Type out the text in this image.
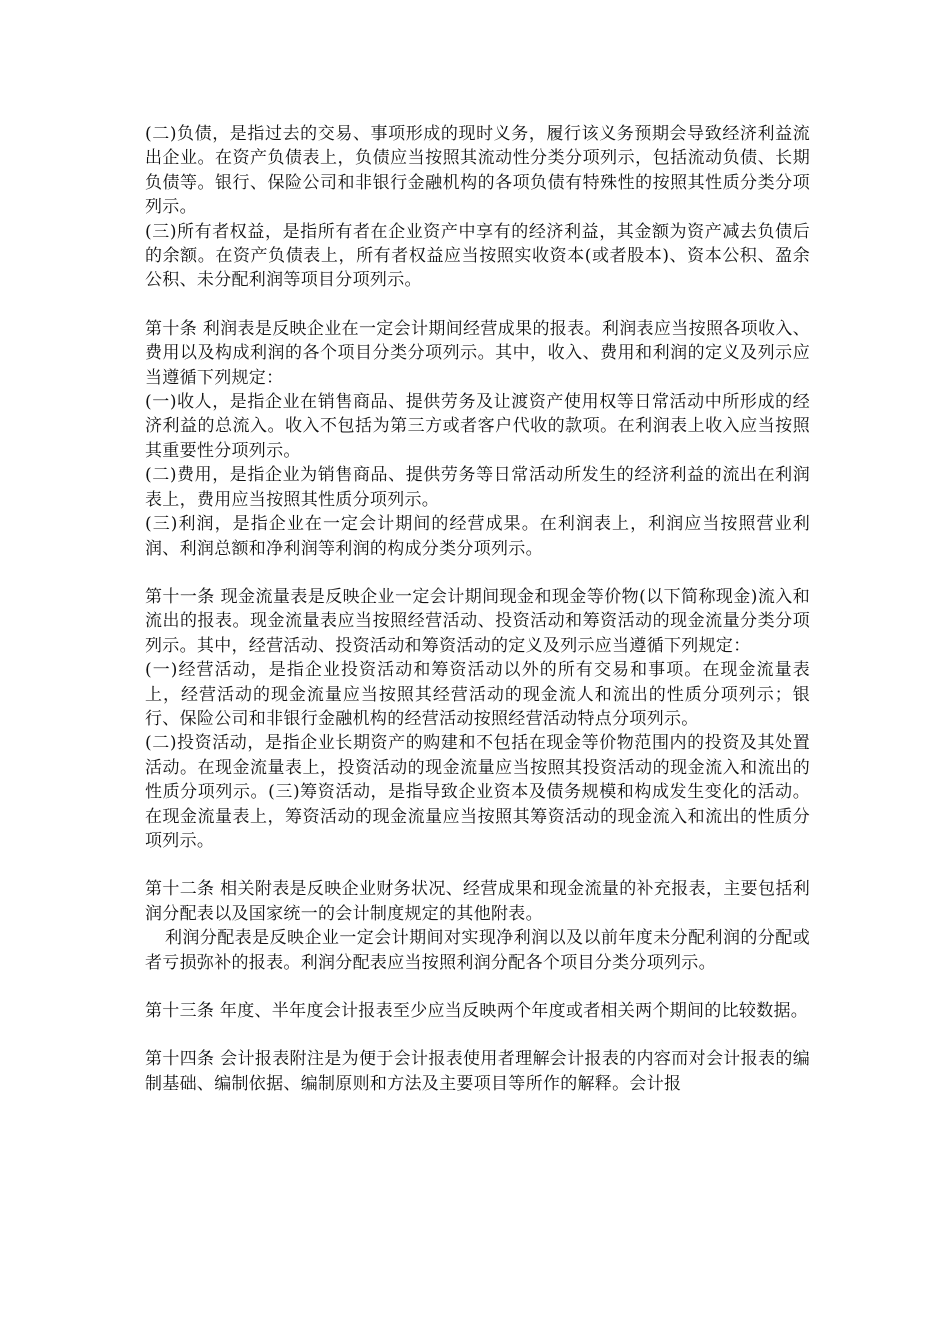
(二)负债，是指过去的交易、事项形成的现时义务，履行该义务预期会导致经济利益流出企业。在资产负债表上，负债应当按照其流动性分类分项列示，包括流动负债、长期负债等。银行、保险公司和非银行金融机构的各项负债有特殊性的按照其性质分类分项列示。

(三)所有者权益，是指所有者在企业资产中享有的经济利益，其金额为资产减去负债后的余额。在资产负债表上，所有者权益应当按照实收资本(或者股本)、资本公积、盈余公积、未分配利润等项目分项列示。

第十条 利润表是反映企业在一定会计期间经营成果的报表。利润表应当按照各项收入、费用以及构成利润的各个项目分类分项列示。其中，收入、费用和利润的定义及列示应当遵循下列规定：

(一)收人，是指企业在销售商品、提供劳务及让渡资产使用权等日常活动中所形成的经济利益的总流入。收入不包括为第三方或者客户代收的款项。在利润表上收入应当按照其重要性分项列示。

(二)费用，是指企业为销售商品、提供劳务等日常活动所发生的经济利益的流出在利润表上，费用应当按照其性质分项列示。

(三)利润，是指企业在一定会计期间的经营成果。在利润表上，利润应当按照营业利润、利润总额和净利润等利润的构成分类分项列示。

第十一条 现金流量表是反映企业一定会计期间现金和现金等价物(以下简称现金)流入和流出的报表。现金流量表应当按照经营活动、投资活动和筹资活动的现金流量分类分项列示。其中，经营活动、投资活动和筹资活动的定义及列示应当遵循下列规定：

(一)经营活动，是指企业投资活动和筹资活动以外的所有交易和事项。在现金流量表上，经营活动的现金流量应当按照其经营活动的现金流人和流出的性质分项列示；银行、保险公司和非银行金融机构的经营活动按照经营活动特点分项列示。

(二)投资活动，是指企业长期资产的购建和不包括在现金等价物范围内的投资及其处置活动。在现金流量表上，投资活动的现金流量应当按照其投资活动的现金流入和流出的性质分项列示。(三)筹资活动，是指导致企业资本及债务规模和构成发生变化的活动。在现金流量表上，筹资活动的现金流量应当按照其筹资活动的现金流入和流出的性质分项列示。

第十二条 相关附表是反映企业财务状况、经营成果和现金流量的补充报表，主要包括利润分配表以及国家统一的会计制度规定的其他附表。

利润分配表是反映企业一定会计期间对实现净利润以及以前年度未分配利润的分配或者亏损弥补的报表。利润分配表应当按照利润分配各个项目分类分项列示。

第十三条 年度、半年度会计报表至少应当反映两个年度或者相关两个期间的比较数据。

第十四条 会计报表附注是为便于会计报表使用者理解会计报表的内容而对会计报表的编制基础、编制依据、编制原则和方法及主要项目等所作的解释。会计报
